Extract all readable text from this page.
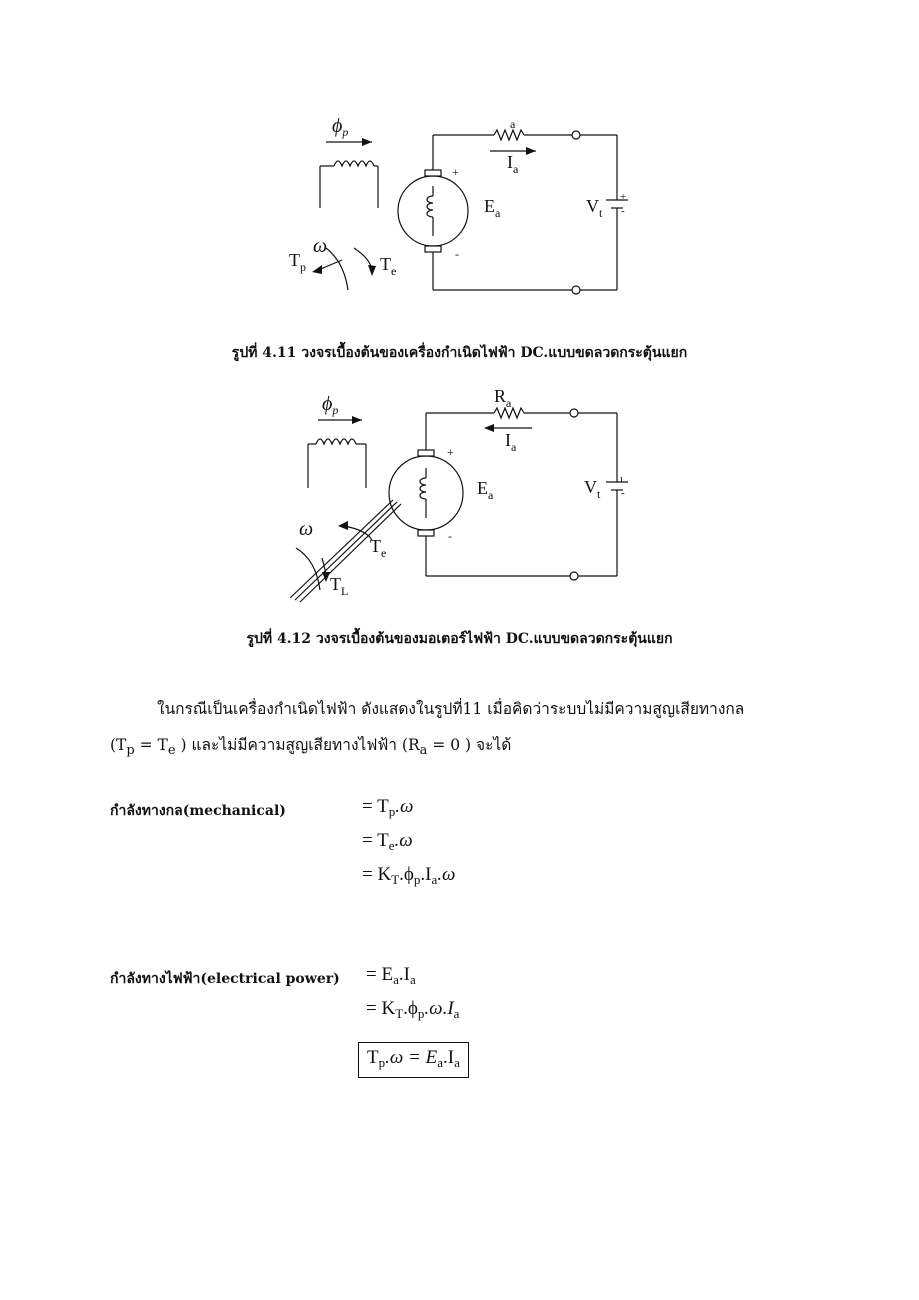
$\phi_p$
a
$I_a$
$E_a$	$V_t$
+
-
+
-
ω
$T_p$	$T_e$
รูปที่ 4.11 วงจรเบื้องต้นของเครื่องกำเนิดไฟฟ้า DC.แบบขดลวดกระตุ้นแยก
$\phi_p$
$R_a$
$I_a$
$E_a$	$V_t$
+
-
ı
-
ω
$T_e$
$T_L$
รูปที่ 4.12 วงจรเบื้องต้นของมอเตอร์ไฟฟ้า DC.แบบขดลวดกระตุ้นแยก
ในกรณีเป็นเครื่องกำเนิดไฟฟ้า ดังแสดงในรูปที่11 เมื่อคิดว่าระบบไม่มีความสูญเสียทางกล
($T_p = T_e$ ) และไม่มีความสูญเสียทางไฟฟ้า ($R_a = 0$ ) จะได้
กำลังทางกล(mechanical)	= $T_p.\omega$
= $T_e.\omega$
= $K_T.\phi_p.I_a.\omega$
กำลังทางไฟฟ้า(electrical power) = $E_a.I_a$
= $K_T.\phi_p.\omega.I_a$
$T_p.\omega = E_a.I_a$
